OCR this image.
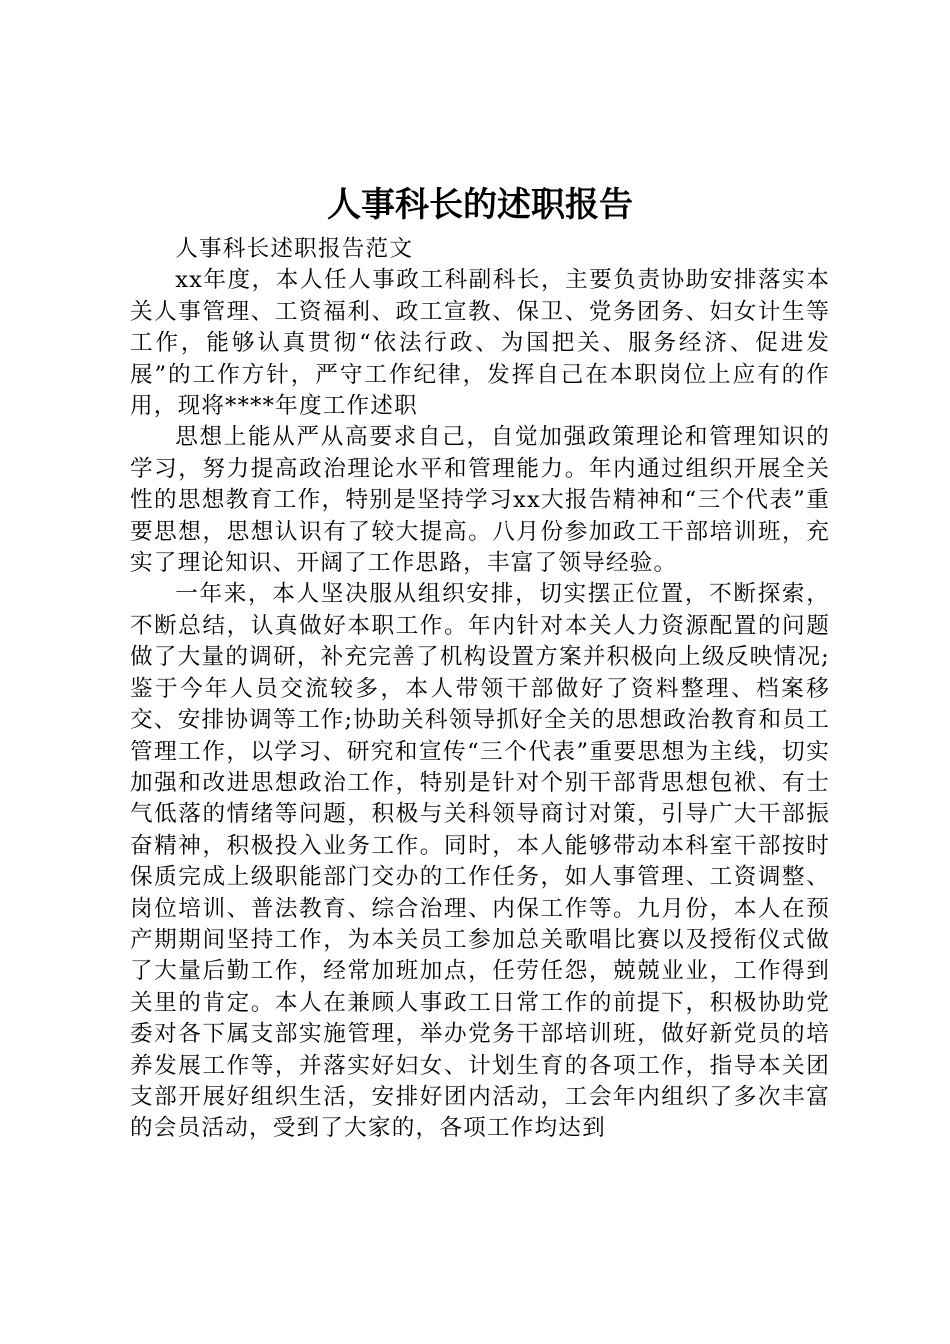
人事科长的述职报告

人事科长述职报告范文

xx年度，本人任人事政工科副科长，主要负责协助安排落实本关人事管理、工资福利、政工宣教、保卫、党务团务、妇女计生等工作，能够认真贯彻“依法行政、为国把关、服务经济、促进发展”的工作方针，严守工作纪律，发挥自己在本职岗位上应有的作用，现将****年度工作述职

思想上能从严从高要求自己，自觉加强政策理论和管理知识的学习，努力提高政治理论水平和管理能力。年内通过组织开展全关性的思想教育工作，特别是坚持学习xx大报告精神和“三个代表”重要思想，思想认识有了较大提高。八月份参加政工干部培训班，充实了理论知识、开阔了工作思路，丰富了领导经验。

一年来，本人坚决服从组织安排，切实摆正位置，不断探索，不断总结，认真做好本职工作。年内针对本关人力资源配置的问题做了大量的调研，补充完善了机构设置方案并积极向上级反映情况;鉴于今年人员交流较多，本人带领干部做好了资料整理、档案移交、安排协调等工作;协助关科领导抓好全关的思想政治教育和员工管理工作，以学习、研究和宣传“三个代表”重要思想为主线，切实加强和改进思想政治工作，特别是针对个别干部背思想包袱、有士气低落的情绪等问题，积极与关科领导商讨对策，引导广大干部振奋精神，积极投入业务工作。同时，本人能够带动本科室干部按时保质完成上级职能部门交办的工作任务，如人事管理、工资调整、岗位培训、普法教育、综合治理、内保工作等。九月份，本人在预产期期间坚持工作，为本关员工参加总关歌唱比赛以及授衔仪式做了大量后勤工作，经常加班加点，任劳任怨，兢兢业业，工作得到关里的肯定。本人在兼顾人事政工日常工作的前提下，积极协助党委对各下属支部实施管理，举办党务干部培训班，做好新党员的培养发展工作等，并落实好妇女、计划生育的各项工作，指导本关团支部开展好组织生活，安排好团内活动，工会年内组织了多次丰富的会员活动，受到了大家的，各项工作均达到
